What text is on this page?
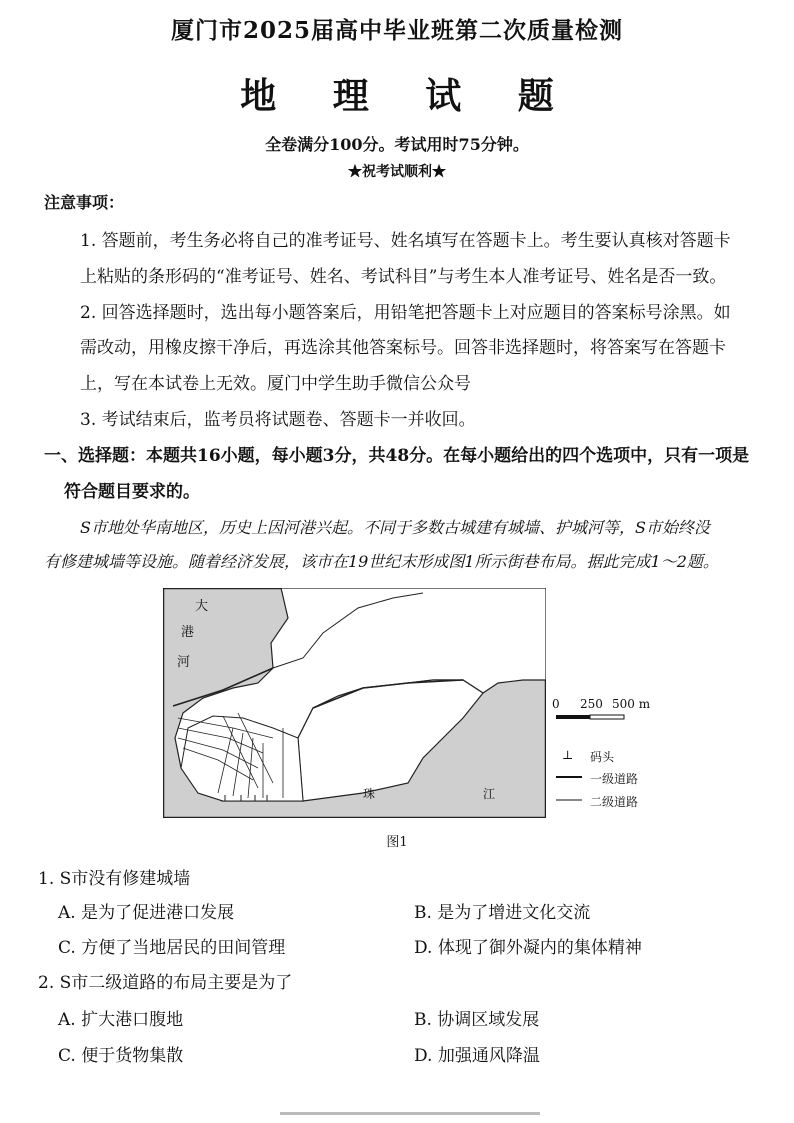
厦门市2025届高中毕业班第二次质量检测
地 理 试 题
全卷满分100分。考试用时75分钟。
★祝考试顺利★
注意事项：
1. 答题前，考生务必将自己的准考证号、姓名填写在答题卡上。考生要认真核对答题卡
上粘贴的条形码的“准考证号、姓名、考试科目”与考生本人准考证号、姓名是否一致。
2. 回答选择题时，选出每小题答案后，用铅笔把答题卡上对应题目的答案标号涂黑。如
需改动，用橡皮擦干净后，再选涂其他答案标号。回答非选择题时，将答案写在答题卡
上，写在本试卷上无效。厦门中学生助手微信公众号
3. 考试结束后，监考员将试题卷、答题卡一并收回。
一、选择题：本题共16小题，每小题3分，共48分。在每小题给出的四个选项中，只有一项是
符合题目要求的。
S市地处华南地区，历史上因河港兴起。不同于多数古城建有城墙、护城河等，S市始终没
有修建城墙等设施。随着经济发展，该市在19世纪末形成图1所示街巷布局。据此完成1～2题。
大
港
河
珠	江
0 250 500 m
⊥ 码头
一级道路
二级道路
图1
1. S市没有修建城墙
A. 是为了促进港口发展	B. 是为了增进文化交流
C. 方便了当地居民的田间管理	D. 体现了御外凝内的集体精神
2. S市二级道路的布局主要是为了
A. 扩大港口腹地	B. 协调区域发展
C. 便于货物集散	D. 加强通风降温
